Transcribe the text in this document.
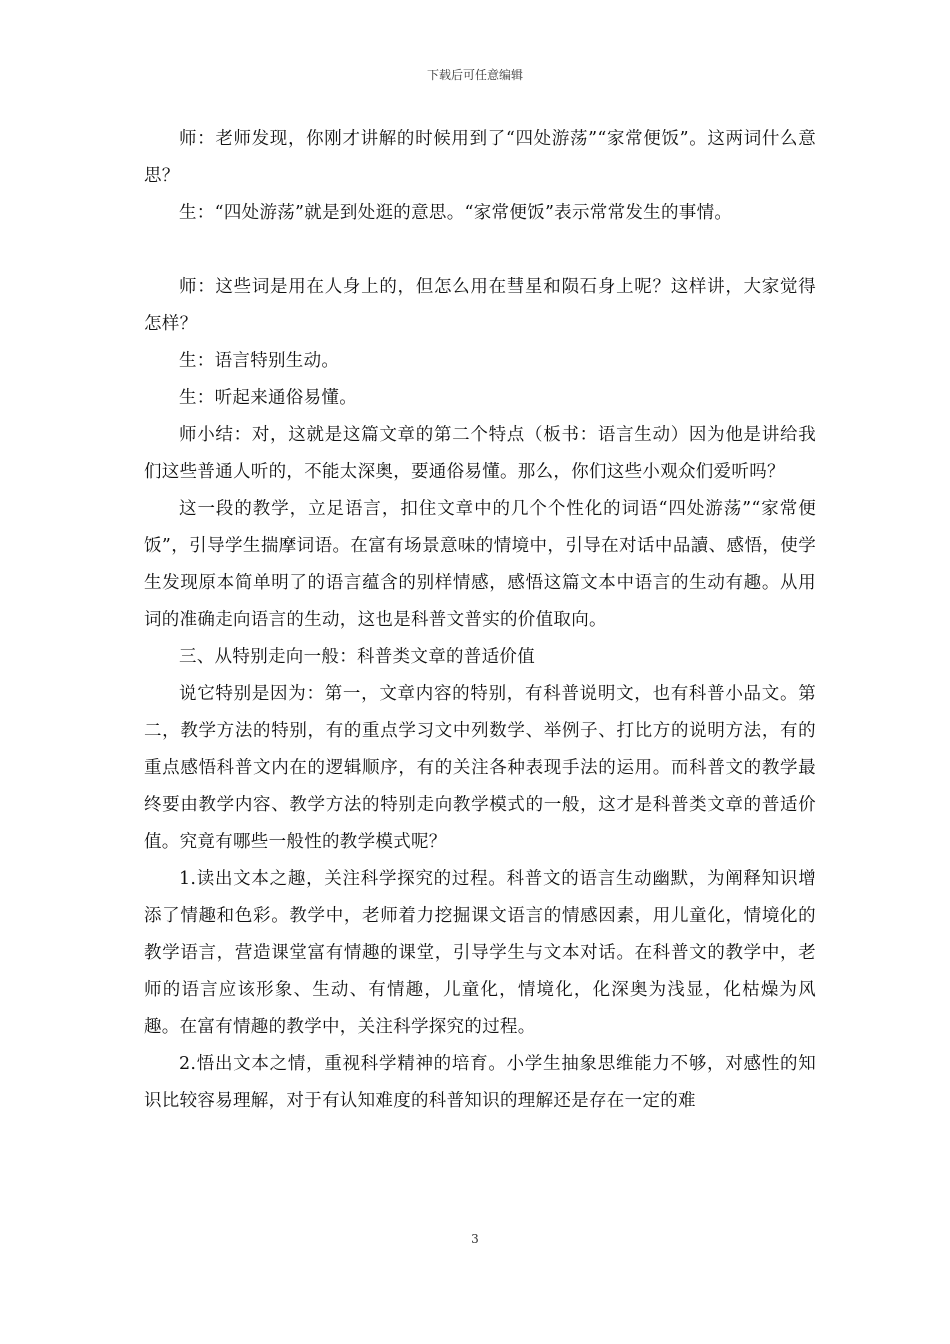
下载后可任意编辑

师：老师发现，你刚才讲解的时候用到了“四处游荡”“家常便饭”。这两词什么意思？

生：“四处游荡”就是到处逛的意思。“家常便饭”表示常常发生的事情。

师：这些词是用在人身上的，但怎么用在彗星和陨石身上呢？这样讲，大家觉得怎样？

生：语言特别生动。

生：听起来通俗易懂。

师小结：对，这就是这篇文章的第二个特点（板书：语言生动）因为他是讲给我们这些普通人听的，不能太深奥，要通俗易懂。那么，你们这些小观众们爱听吗？

这一段的教学，立足语言，扣住文章中的几个个性化的词语“四处游荡”“家常便饭”，引导学生揣摩词语。在富有场景意味的情境中，引导在对话中品讀、感悟，使学生发现原本简单明了的语言蕴含的别样情感，感悟这篇文本中语言的生动有趣。从用词的准确走向语言的生动，这也是科普文普实的价值取向。

三、从特别走向一般：科普类文章的普适价值

说它特别是因为：第一，文章内容的特别，有科普说明文，也有科普小品文。第二，教学方法的特别，有的重点学习文中列数学、举例子、打比方的说明方法，有的重点感悟科普文内在的逻辑顺序，有的关注各种表现手法的运用。而科普文的教学最终要由教学内容、教学方法的特别走向教学模式的一般，这才是科普类文章的普适价值。究竟有哪些一般性的教学模式呢？

1.读出文本之趣，关注科学探究的过程。科普文的语言生动幽默，为阐释知识增添了情趣和色彩。教学中，老师着力挖掘课文语言的情感因素，用儿童化，情境化的教学语言，营造课堂富有情趣的课堂，引导学生与文本对话。在科普文的教学中，老师的语言应该形象、生动、有情趣，儿童化，情境化，化深奥为浅显，化枯燥为风趣。在富有情趣的教学中，关注科学探究的过程。

2.悟出文本之情，重视科学精神的培育。小学生抽象思维能力不够，对感性的知识比较容易理解，对于有认知难度的科普知识的理解还是存在一定的难

3
